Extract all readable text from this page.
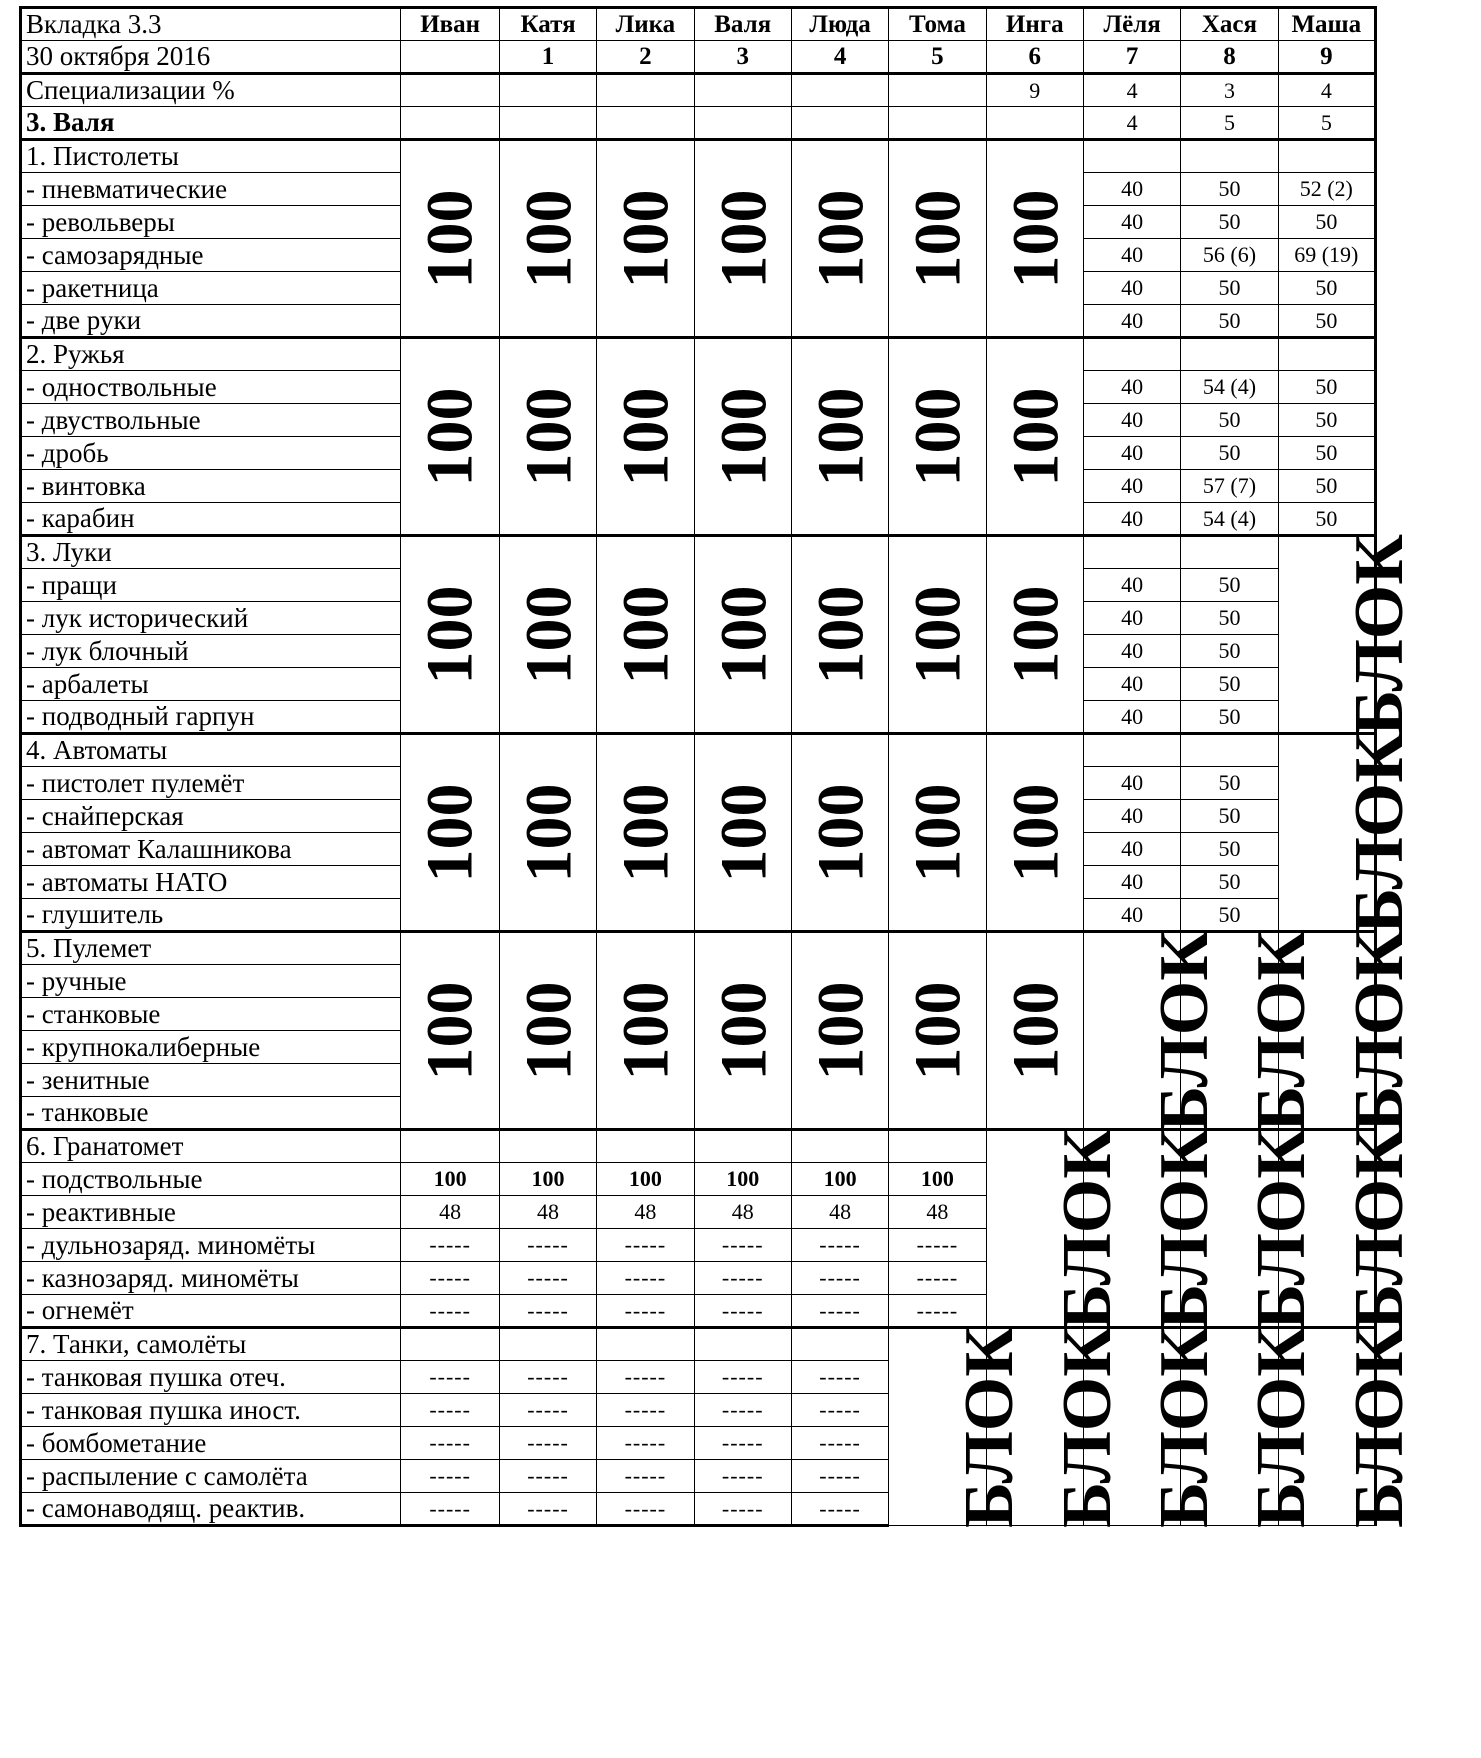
Вкладка 3.3	Иван	Катя	Лика	Валя	Люда	Тома	Инга	Лёля	Хася	Маша
30 октября 2016		1	2	3	4	5	6	7	8	9
Специализации %							9	4	3	4
3. Валя								4	5	5
1. Пистолеты	100	100	100	100	100	100	100			
- пневматические								40	50	52 (2)
- револьверы								40	50	50
- самозарядные								40	56 (6)	69 (19)
- ракетница								40	50	50
- две руки								40	50	50
2. Ружья	100	100	100	100	100	100	100			
- одноствольные								40	54 (4)	50
- двуствольные								40	50	50
- дробь								40	50	50
- винтовка								40	57 (7)	50
- карабин								40	54 (4)	50
3. Луки	100	100	100	100	100	100	100			БЛОК
- пращи								40	50	
- лук исторический								40	50	
- лук блочный								40	50	
- арбалеты								40	50	
- подводный гарпун								40	50	
4. Автоматы	100	100	100	100	100	100	100			БЛОК
- пистолет пулемёт								40	50	
- снайперская								40	50	
- автомат Калашникова								40	50	
- автоматы НАТО								40	50	
- глушитель								40	50	
5. Пулемет	100	100	100	100	100	100	100	БЛОК	БЛОК	БЛОК
- ручные										
- станковые										
- крупнокалиберные										
- зенитные										
- танковые										
6. Гранатомет							БЛОК	БЛОК	БЛОК	БЛОК
- подствольные	100	100	100	100	100	100				
- реактивные	48	48	48	48	48	48				
- дульнозаряд. миномёты	-----	-----	-----	-----	-----	-----				
- казнозаряд. миномёты	-----	-----	-----	-----	-----	-----				
- огнемёт	-----	-----	-----	-----	-----	-----				
7. Танки, самолёты						БЛОК	БЛОК	БЛОК	БЛОК	БЛОК
- танковая пушка отеч.	-----	-----	-----	-----	-----					
- танковая пушка иност.	-----	-----	-----	-----	-----					
- бомбометание	-----	-----	-----	-----	-----					
- распыление с самолёта	-----	-----	-----	-----	-----					
- самонаводящ. реактив.	-----	-----	-----	-----	-----					
